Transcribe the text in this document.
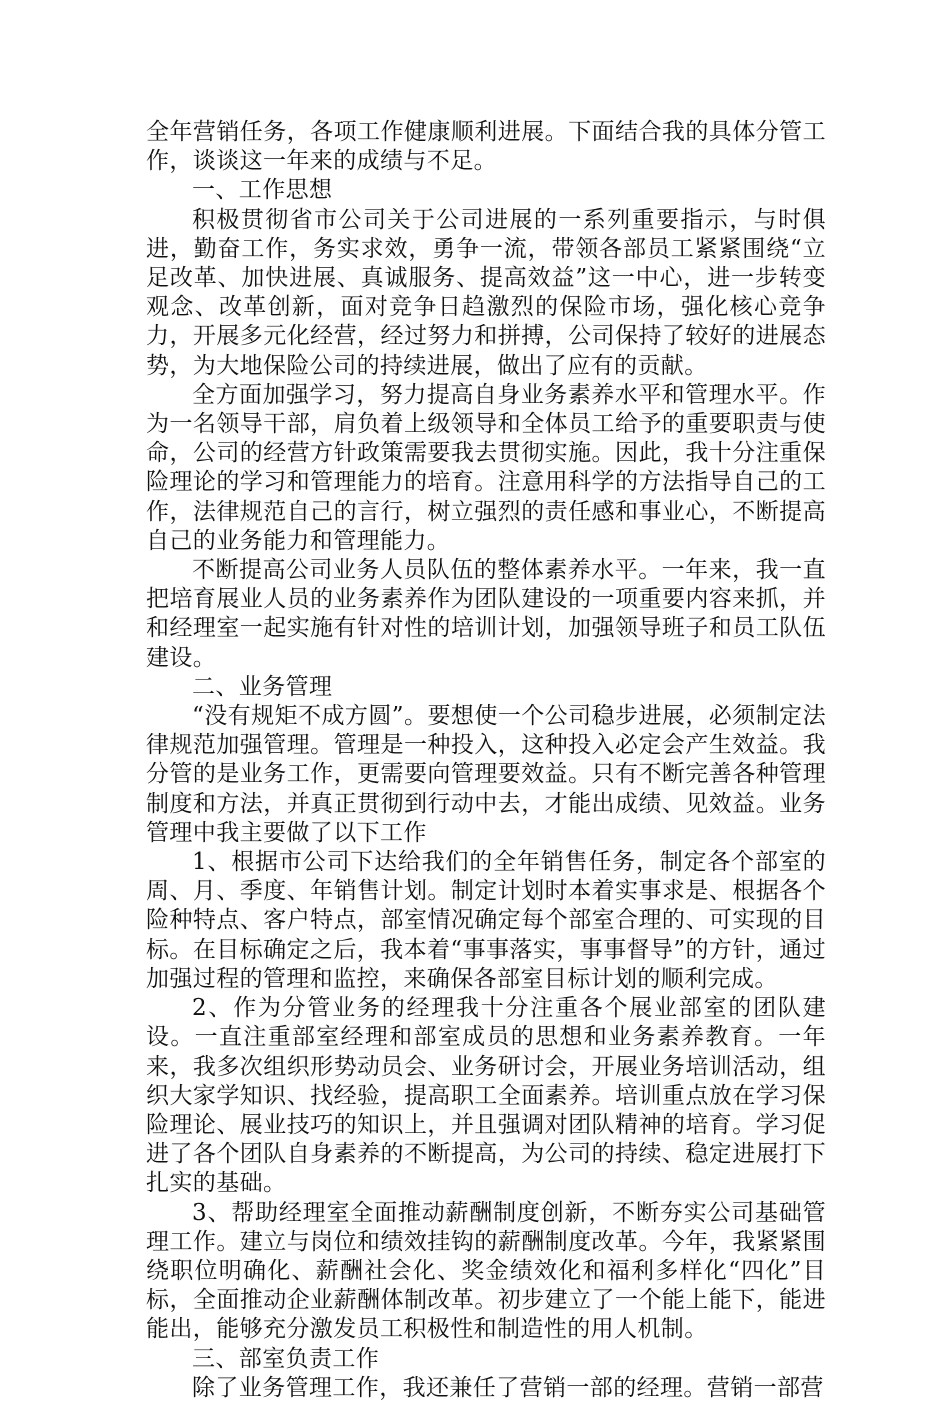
全年营销任务，各项工作健康顺利进展。下面结合我的具体分管工作，谈谈这一年来的成绩与不足。

一、工作思想

积极贯彻省市公司关于公司进展的一系列重要指示，与时俱进，勤奋工作，务实求效，勇争一流，带领各部员工紧紧围绕“立足改革、加快进展、真诚服务、提高效益”这一中心，进一步转变观念、改革创新，面对竞争日趋激烈的保险市场，强化核心竞争力，开展多元化经营，经过努力和拼搏，公司保持了较好的进展态势，为大地保险公司的持续进展，做出了应有的贡献。

全方面加强学习，努力提高自身业务素养水平和管理水平。作为一名领导干部，肩负着上级领导和全体员工给予的重要职责与使命，公司的经营方针政策需要我去贯彻实施。因此，我十分注重保险理论的学习和管理能力的培育。注意用科学的方法指导自己的工作，法律规范自己的言行，树立强烈的责任感和事业心，不断提高自己的业务能力和管理能力。

不断提高公司业务人员队伍的整体素养水平。一年来，我一直把培育展业人员的业务素养作为团队建设的一项重要内容来抓，并和经理室一起实施有针对性的培训计划，加强领导班子和员工队伍建设。

二、业务管理

“没有规矩不成方圆”。要想使一个公司稳步进展，必须制定法律规范加强管理。管理是一种投入，这种投入必定会产生效益。我分管的是业务工作，更需要向管理要效益。只有不断完善各种管理制度和方法，并真正贯彻到行动中去，才能出成绩、见效益。业务管理中我主要做了以下工作

1、根据市公司下达给我们的全年销售任务，制定各个部室的周、月、季度、年销售计划。制定计划时本着实事求是、根据各个险种特点、客户特点，部室情况确定每个部室合理的、可实现的目标。在目标确定之后，我本着“事事落实，事事督导”的方针，通过加强过程的管理和监控，来确保各部室目标计划的顺利完成。

2、作为分管业务的经理我十分注重各个展业部室的团队建设。一直注重部室经理和部室成员的思想和业务素养教育。一年来，我多次组织形势动员会、业务研讨会，开展业务培训活动，组织大家学知识、找经验，提高职工全面素养。培训重点放在学习保险理论、展业技巧的知识上，并且强调对团队精神的培育。学习促进了各个团队自身素养的不断提高，为公司的持续、稳定进展打下扎实的基础。

3、帮助经理室全面推动薪酬制度创新，不断夯实公司基础管理工作。建立与岗位和绩效挂钩的薪酬制度改革。今年，我紧紧围绕职位明确化、薪酬社会化、奖金绩效化和福利多样化“四化”目标，全面推动企业薪酬体制改革。初步建立了一个能上能下，能进能出，能够充分激发员工积极性和制造性的用人机制。

三、部室负责工作

除了业务管理工作，我还兼任了营销一部的经理。营销一部营
